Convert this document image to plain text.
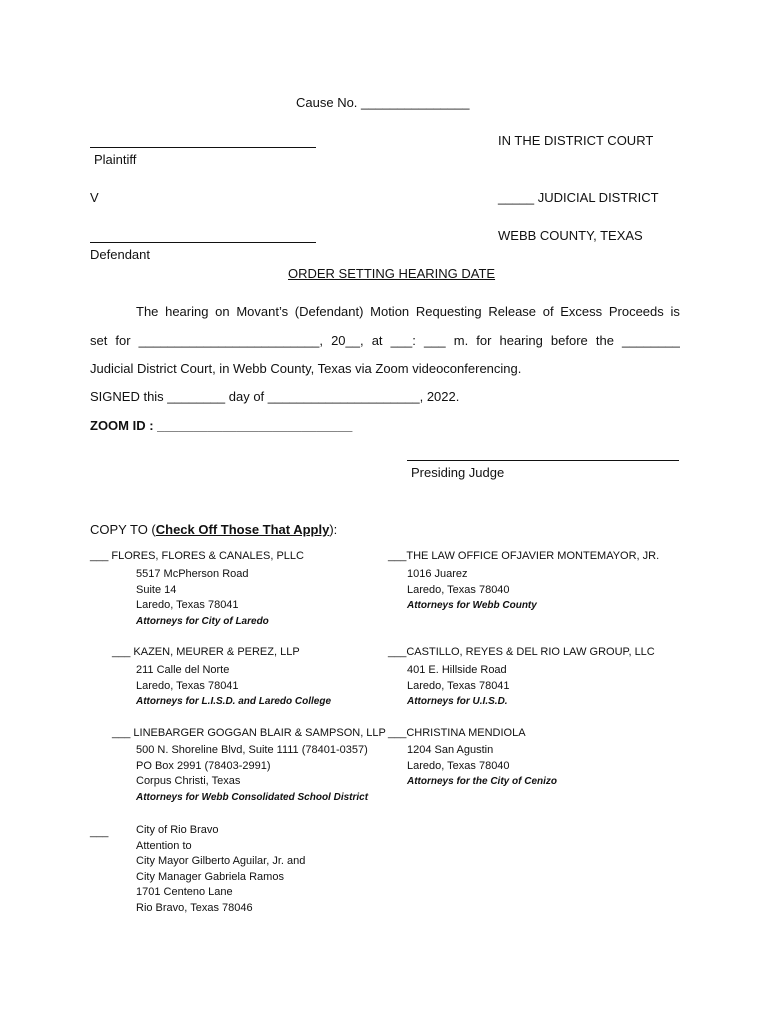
Cause No. _______________
IN THE DISTRICT COURT
Plaintiff
V	_____ JUDICIAL DISTRICT
WEBB COUNTY, TEXAS
Defendant
ORDER SETTING HEARING DATE
The hearing on Movant’s (Defendant) Motion Requesting Release of Excess Proceeds is
set for _________________________, 20__, at ___: ___ m. for hearing before the ________
Judicial District Court, in Webb County, Texas via Zoom videoconferencing.
SIGNED this ________ day of _____________________, 2022.
ZOOM ID : ___________________________
Presiding Judge
COPY TO (Check Off Those That Apply):
___ FLORES, FLORES & CANALES, PLLC
5517 McPherson Road
Suite 14
Laredo, Texas 78041
Attorneys for City of Laredo
___ KAZEN, MEURER & PEREZ, LLP
211 Calle del Norte
Laredo, Texas 78041
Attorneys for L.I.S.D. and Laredo College
___ LINEBARGER GOGGAN BLAIR & SAMPSON, LLP
500 N. Shoreline Blvd, Suite 1111 (78401-0357)
PO Box 2991 (78403-2991)
Corpus Christi, Texas
Attorneys for Webb Consolidated School District
___	City of Rio Bravo
Attention to
City Mayor Gilberto Aguilar, Jr. and
City Manager Gabriela Ramos
1701 Centeno Lane
Rio Bravo, Texas 78046
___THE LAW OFFICE OFJAVIER MONTEMAYOR, JR.
1016 Juarez
Laredo, Texas 78040
Attorneys for Webb County
___CASTILLO, REYES & DEL RIO LAW GROUP, LLC
401 E. Hillside Road
Laredo, Texas 78041
Attorneys for U.I.S.D.
___CHRISTINA MENDIOLA
1204 San Agustin
Laredo, Texas 78040
Attorneys for the City of Cenizo
